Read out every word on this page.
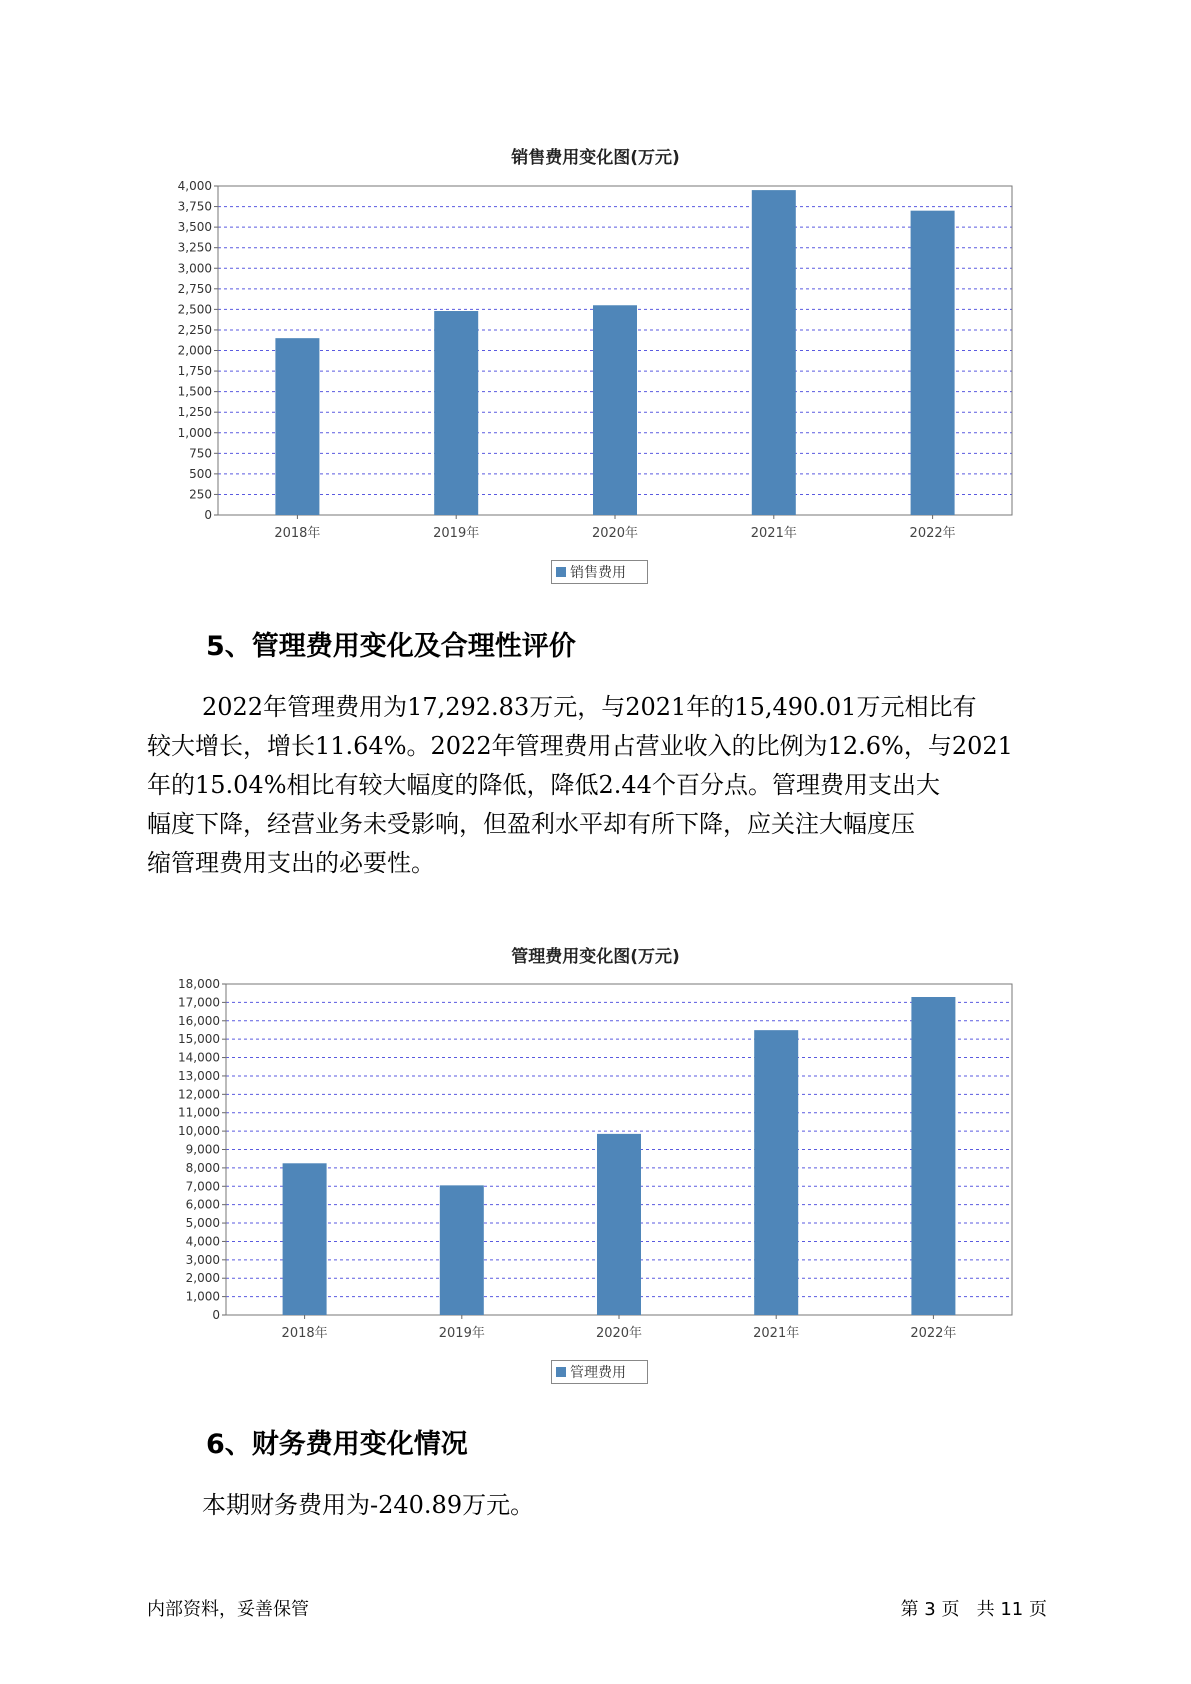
销售费用变化图(万元)
0
250
500
750
1,000
1,250
1,500
1,750
2,000
2,250
2,500
2,750
3,000
3,250
3,500
3,750
4,000
2018年	2019年	2020年	2021年	2022年
销售费用
5、管理费用变化及合理性评价
2022年管理费用为17,292.83万元，与2021年的15,490.01万元相比有
较大增长，增长11.64%。2022年管理费用占营业收入的比例为12.6%，与2021
年的15.04%相比有较大幅度的降低，降低2.44个百分点。管理费用支出大
幅度下降，经营业务未受影响，但盈利水平却有所下降，应关注大幅度压
缩管理费用支出的必要性。
管理费用变化图(万元)
0
1,000
2,000
3,000
4,000
5,000
6,000
7,000
8,000
9,000
10,000
11,000
12,000
13,000
14,000
15,000
16,000
17,000
18,000
2018年	2019年	2020年	2021年	2022年
管理费用
6、财务费用变化情况
本期财务费用为-240.89万元。
内部资料，妥善保管	第 3 页   共 11 页
